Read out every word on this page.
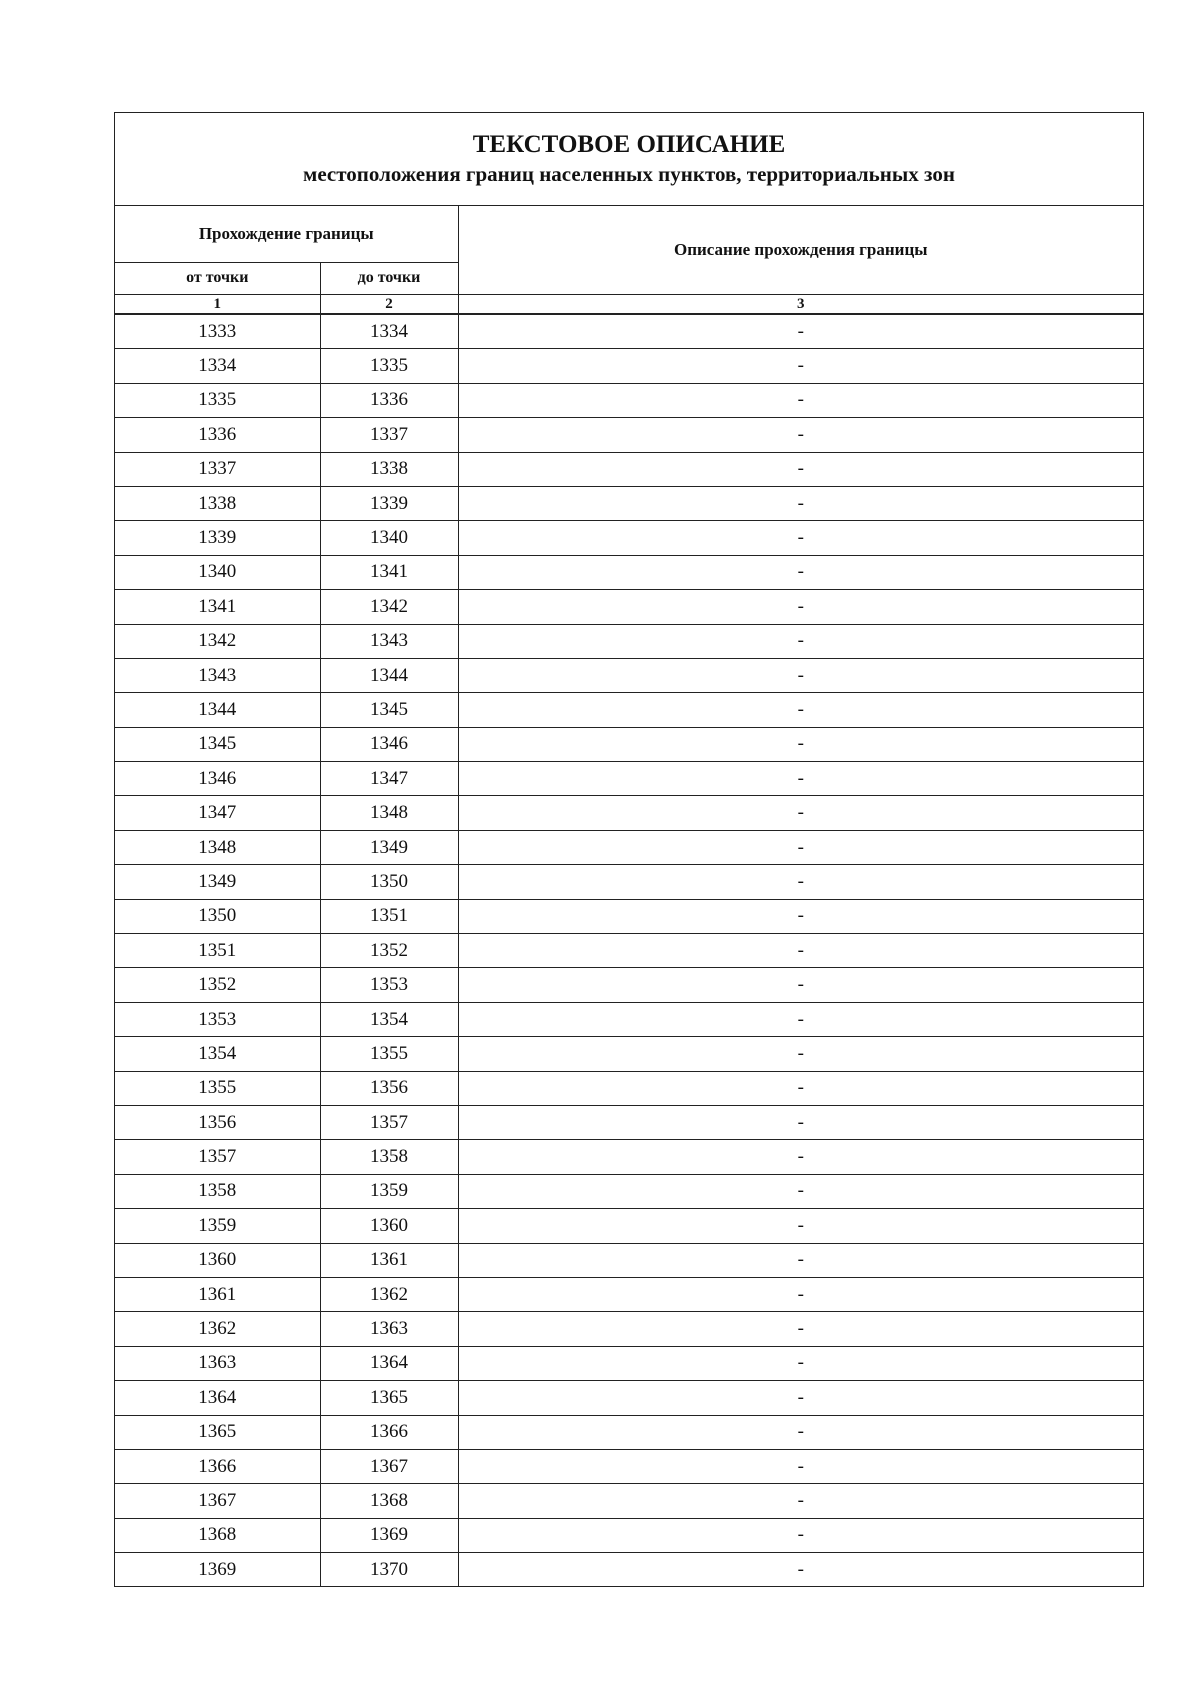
ТЕКСТОВОЕ ОПИСАНИЕ
местоположения границ населенных пунктов, территориальных зон
Прохождение границы		Описание прохождения границы
от точки	до точки	
1	2	3
1333	1334	-
1334	1335	-
1335	1336	-
1336	1337	-
1337	1338	-
1338	1339	-
1339	1340	-
1340	1341	-
1341	1342	-
1342	1343	-
1343	1344	-
1344	1345	-
1345	1346	-
1346	1347	-
1347	1348	-
1348	1349	-
1349	1350	-
1350	1351	-
1351	1352	-
1352	1353	-
1353	1354	-
1354	1355	-
1355	1356	-
1356	1357	-
1357	1358	-
1358	1359	-
1359	1360	-
1360	1361	-
1361	1362	-
1362	1363	-
1363	1364	-
1364	1365	-
1365	1366	-
1366	1367	-
1367	1368	-
1368	1369	-
1369	1370	-
